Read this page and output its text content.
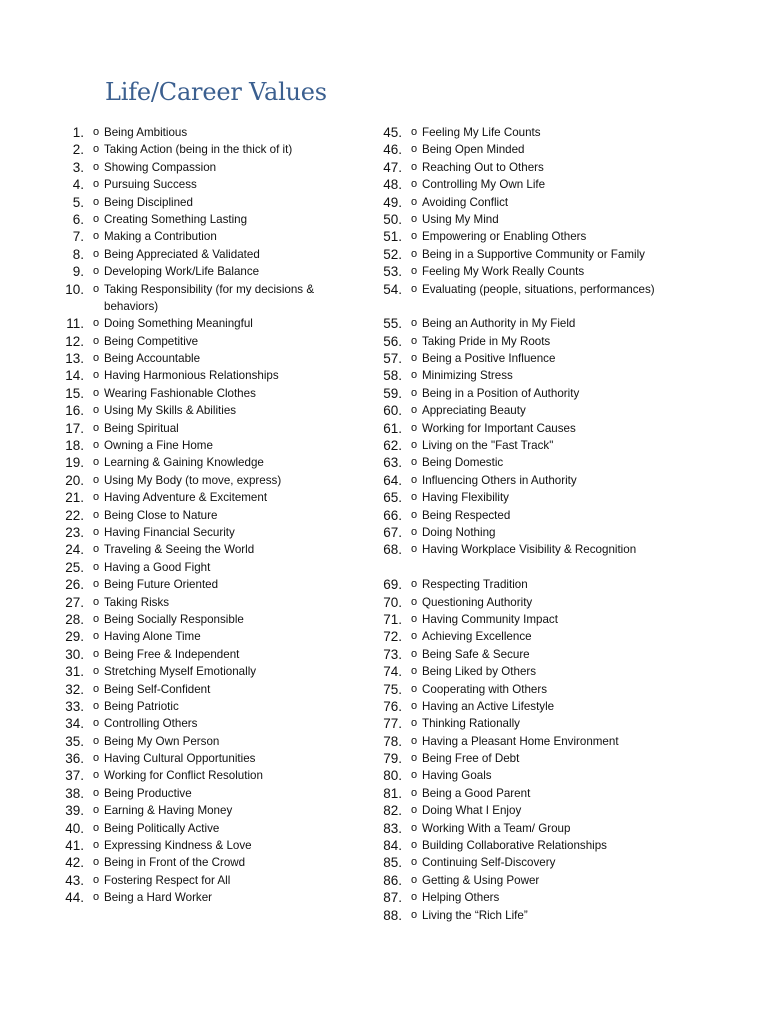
Life/Career Values
1. o Being Ambitious
2. o Taking Action (being in the thick of it)
3. o Showing Compassion
4. o Pursuing Success
5. o Being Disciplined
6. o Creating Something Lasting
7. o Making a Contribution
8. o Being Appreciated & Validated
9. o Developing Work/Life Balance
10. o Taking Responsibility (for my decisions & behaviors)
11. o Doing Something Meaningful
12. o Being Competitive
13. o Being Accountable
14. o Having Harmonious Relationships
15. o Wearing Fashionable Clothes
16. o Using My Skills & Abilities
17. o Being Spiritual
18. o Owning a Fine Home
19. o Learning & Gaining Knowledge
20. o Using My Body (to move, express)
21. o Having Adventure & Excitement
22. o Being Close to Nature
23. o Having Financial Security
24. o Traveling & Seeing the World
25. o Having a Good Fight
26. o Being Future Oriented
27. o Taking Risks
28. o Being Socially Responsible
29. o Having Alone Time
30. o Being Free & Independent
31. o Stretching Myself Emotionally
32. o Being Self-Confident
33. o Being Patriotic
34. o Controlling Others
35. o Being My Own Person
36. o Having Cultural Opportunities
37. o Working for Conflict Resolution
38. o Being Productive
39. o Earning & Having Money
40. o Being Politically Active
41. o Expressing Kindness & Love
42. o Being in Front of the Crowd
43. o Fostering Respect for All
44. o Being a Hard Worker
45. o Feeling My Life Counts
46. o Being Open Minded
47. o Reaching Out to Others
48. o Controlling My Own Life
49. o Avoiding Conflict
50. o Using My Mind
51. o Empowering or Enabling Others
52. o Being in a Supportive Community or Family
53. o Feeling My Work Really Counts
54. o Evaluating (people, situations, performances)
55. o Being an Authority in My Field
56. o Taking Pride in My Roots
57. o Being a Positive Influence
58. o Minimizing Stress
59. o Being in a Position of Authority
60. o Appreciating Beauty
61. o Working for Important Causes
62. o Living on the "Fast Track"
63. o Being Domestic
64. o Influencing Others in Authority
65. o Having Flexibility
66. o Being Respected
67. o Doing Nothing
68. o Having Workplace Visibility & Recognition
69. o Respecting Tradition
70. o Questioning Authority
71. o Having Community Impact
72. o Achieving Excellence
73. o Being Safe & Secure
74. o Being Liked by Others
75. o Cooperating with Others
76. o Having an Active Lifestyle
77. o Thinking Rationally
78. o Having a Pleasant Home Environment
79. o Being Free of Debt
80. o Having Goals
81. o Being a Good Parent
82. o Doing What I Enjoy
83. o Working With a Team/ Group
84. o Building Collaborative Relationships
85. o Continuing Self-Discovery
86. o Getting & Using Power
87. o Helping Others
88. o Living the “Rich Life”
